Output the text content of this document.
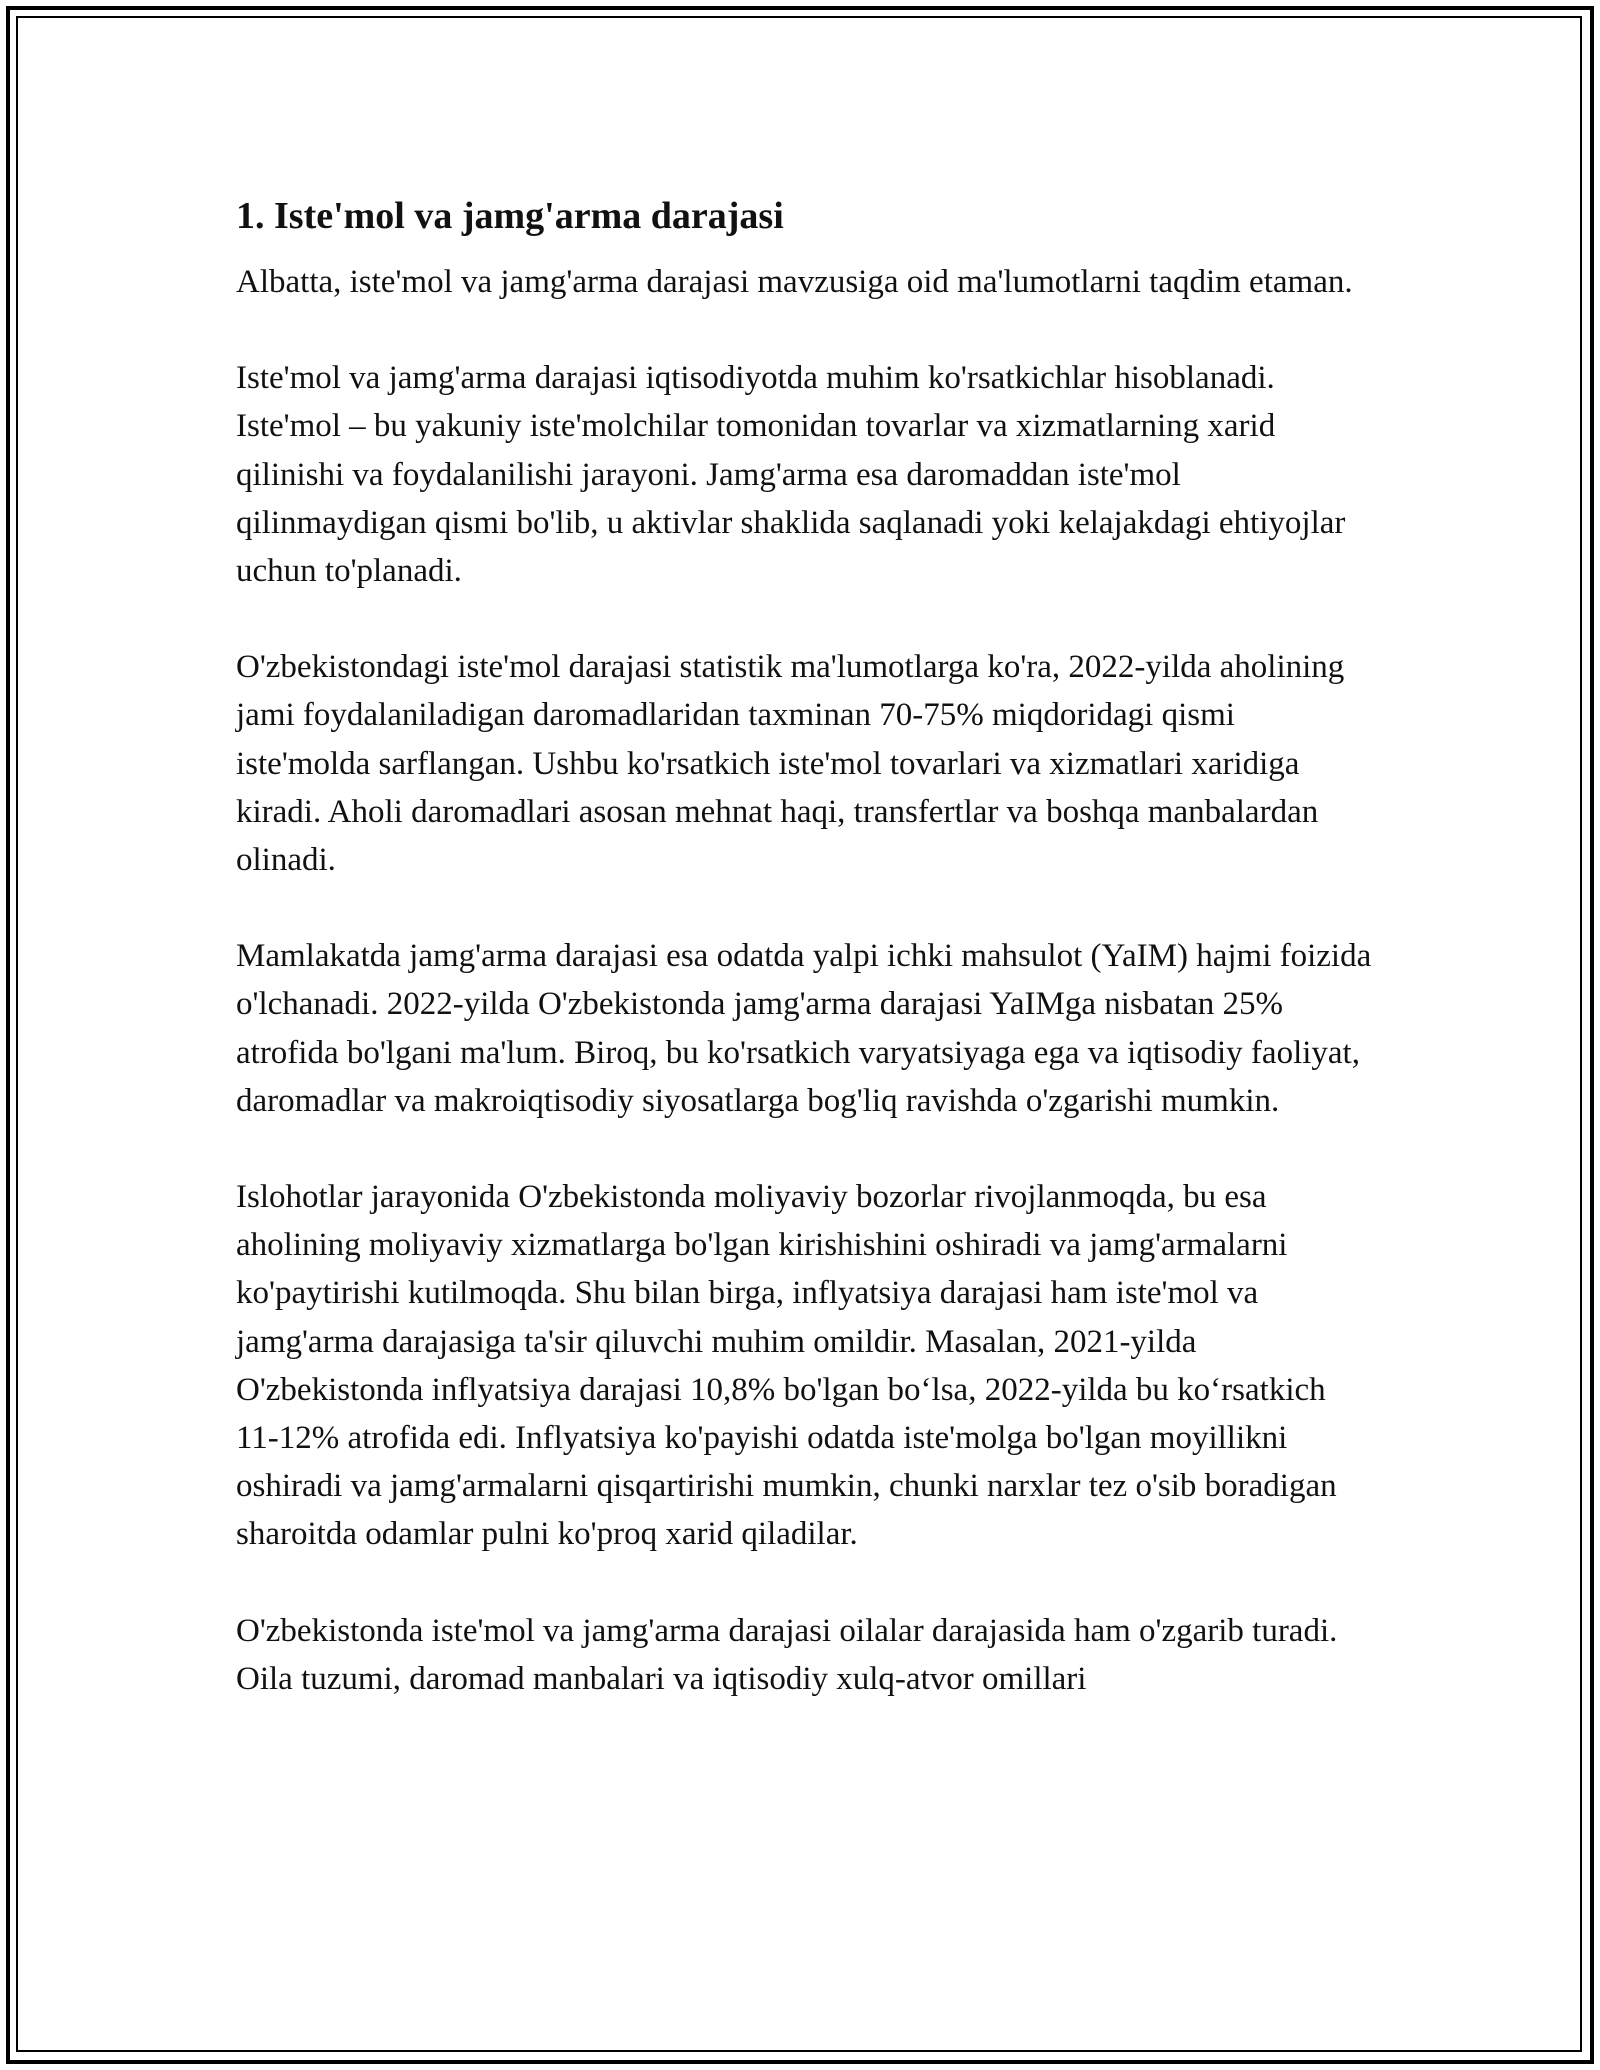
1. Iste'mol va jamg'arma darajasi

Albatta, iste'mol va jamg'arma darajasi mavzusiga oid ma'lumotlarni taqdim etaman.

Iste'mol va jamg'arma darajasi iqtisodiyotda muhim ko'rsatkichlar hisoblanadi. Iste'mol – bu yakuniy iste'molchilar tomonidan tovarlar va xizmatlarning xarid qilinishi va foydalanilishi jarayoni. Jamg'arma esa daromaddan iste'mol qilinmaydigan qismi bo'lib, u aktivlar shaklida saqlanadi yoki kelajakdagi ehtiyojlar uchun to'planadi.

O'zbekistondagi iste'mol darajasi statistik ma'lumotlarga ko'ra, 2022-yilda aholining jami foydalaniladigan daromadlaridan taxminan 70-75% miqdoridagi qismi iste'molda sarflangan. Ushbu ko'rsatkich iste'mol tovarlari va xizmatlari xaridiga kiradi. Aholi daromadlari asosan mehnat haqi, transfertlar va boshqa manbalardan olinadi.

Mamlakatda jamg'arma darajasi esa odatda yalpi ichki mahsulot (YaIM) hajmi foizida o'lchanadi. 2022-yilda O'zbekistonda jamg'arma darajasi YaIMga nisbatan 25% atrofida bo'lgani ma'lum. Biroq, bu ko'rsatkich varyatsiyaga ega va iqtisodiy faoliyat, daromadlar va makroiqtisodiy siyosatlarga bog'liq ravishda o'zgarishi mumkin.

Islohotlar jarayonida O'zbekistonda moliyaviy bozorlar rivojlanmoqda, bu esa aholining moliyaviy xizmatlarga bo'lgan kirishishini oshiradi va jamg'armalarni ko'paytirishi kutilmoqda. Shu bilan birga, inflyatsiya darajasi ham iste'mol va jamg'arma darajasiga ta'sir qiluvchi muhim omildir. Masalan, 2021-yilda O'zbekistonda inflyatsiya darajasi 10,8% bo'lgan bo‘lsa, 2022-yilda bu ko‘rsatkich 11-12% atrofida edi. Inflyatsiya ko'payishi odatda iste'molga bo'lgan moyillikni oshiradi va jamg'armalarni qisqartirishi mumkin, chunki narxlar tez o'sib boradigan sharoitda odamlar pulni ko'proq xarid qiladilar.

O'zbekistonda iste'mol va jamg'arma darajasi oilalar darajasida ham o'zgarib turadi. Oila tuzumi, daromad manbalari va iqtisodiy xulq-atvor omillari
